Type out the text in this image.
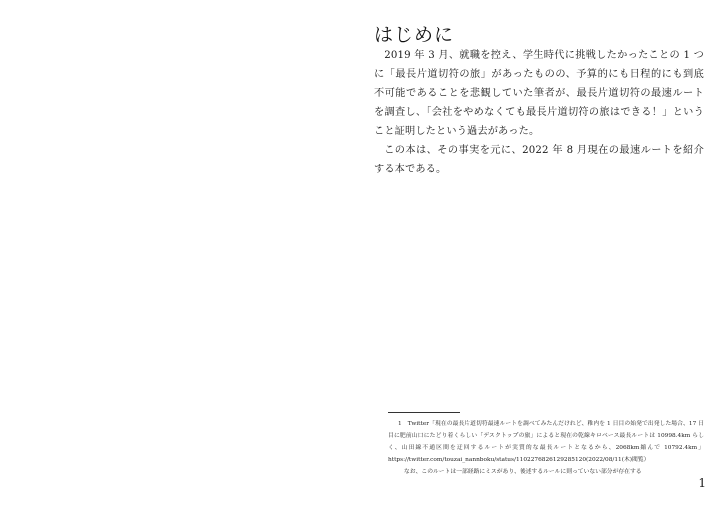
はじめに

2019 年 3 月、就職を控え、学生時代に挑戦したかったことの 1 つに「最長片道切符の旅」があったものの、予算的にも日程的にも到底不可能であることを悲観していた筆者が、最長片道切符の最速ルートを調査し、「会社をやめなくても最長片道切符の旅はできる！」ということ証明したという過去があった。

この本は、その事実を元に、2022 年 8 月現在の最速ルートを紹介する本である。

1 Twitter「現在の最長片道切符最速ルートを調べてみたんだけれど、稚内を 1 日目の始発で出発した場合、17 日目に肥前山口にたどり着くらしい「デスクトップの旅」によると現在の乾線キロベース最長ルートは 10998.4km らしく、山田線不通区間を迂回するルートが実質的な最長ルートとなるから、2068km縮んで 10792.4km」https://twitter.com/touzai_nannboku/status/1102276826129285120(2022/08/11(木)閲覧）

なお、このルートは一部経路にミスがあり、後述するルールに則っていない部分が存在する

1
